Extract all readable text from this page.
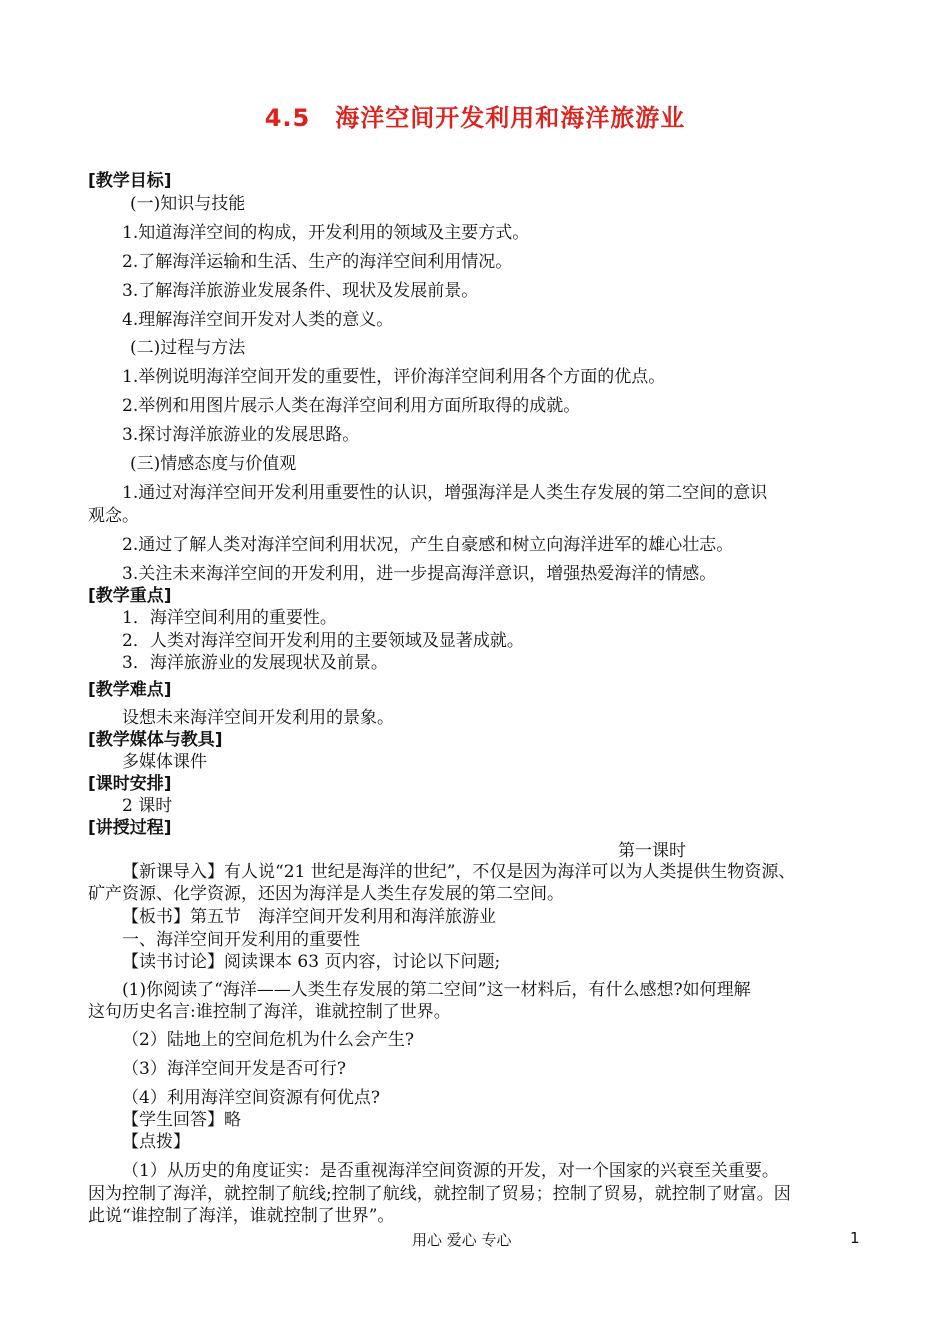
4.5　海洋空间开发利用和海洋旅游业
[教学目标]
(一)知识与技能
1.知道海洋空间的构成，开发利用的领域及主要方式。
2.了解海洋运输和生活、生产的海洋空间利用情况。
3.了解海洋旅游业发展条件、现状及发展前景。
4.理解海洋空间开发对人类的意义。
(二)过程与方法
1.举例说明海洋空间开发的重要性，评价海洋空间利用各个方面的优点。
2.举例和用图片展示人类在海洋空间利用方面所取得的成就。
3.探讨海洋旅游业的发展思路。
(三)情感态度与价值观
1.通过对海洋空间开发利用重要性的认识，增强海洋是人类生存发展的第二空间的意识
观念。
2.通过了解人类对海洋空间利用状况，产生自豪感和树立向海洋进军的雄心壮志。
3.关注未来海洋空间的开发利用，进一步提高海洋意识，增强热爱海洋的情感。
[教学重点]
1．海洋空间利用的重要性。
2．人类对海洋空间开发利用的主要领域及显著成就。
3．海洋旅游业的发展现状及前景。
[教学难点]
设想未来海洋空间开发利用的景象。
[教学媒体与教具]
多媒体课件
[课时安排]
2 课时
[讲授过程]
第一课时
【新课导入】有人说“21 世纪是海洋的世纪”，不仅是因为海洋可以为人类提供生物资源、
矿产资源、化学资源，还因为海洋是人类生存发展的第二空间。
【板书】第五节　海洋空间开发利用和海洋旅游业
一、海洋空间开发利用的重要性
【读书讨论】阅读课本 63 页内容，讨论以下问题;
(1)你阅读了“海洋——人类生存发展的第二空间”这一材料后，有什么感想?如何理解
这句历史名言:谁控制了海洋，谁就控制了世界。
（2）陆地上的空间危机为什么会产生?
（3）海洋空间开发是否可行?
（4）利用海洋空间资源有何优点?
【学生回答】略
【点拨】
（1）从历史的角度证实：是否重视海洋空间资源的开发，对一个国家的兴衰至关重要。
因为控制了海洋，就控制了航线;控制了航线，就控制了贸易；控制了贸易，就控制了财富。因
此说“谁控制了海洋，谁就控制了世界”。
用心 爱心 专心	1
